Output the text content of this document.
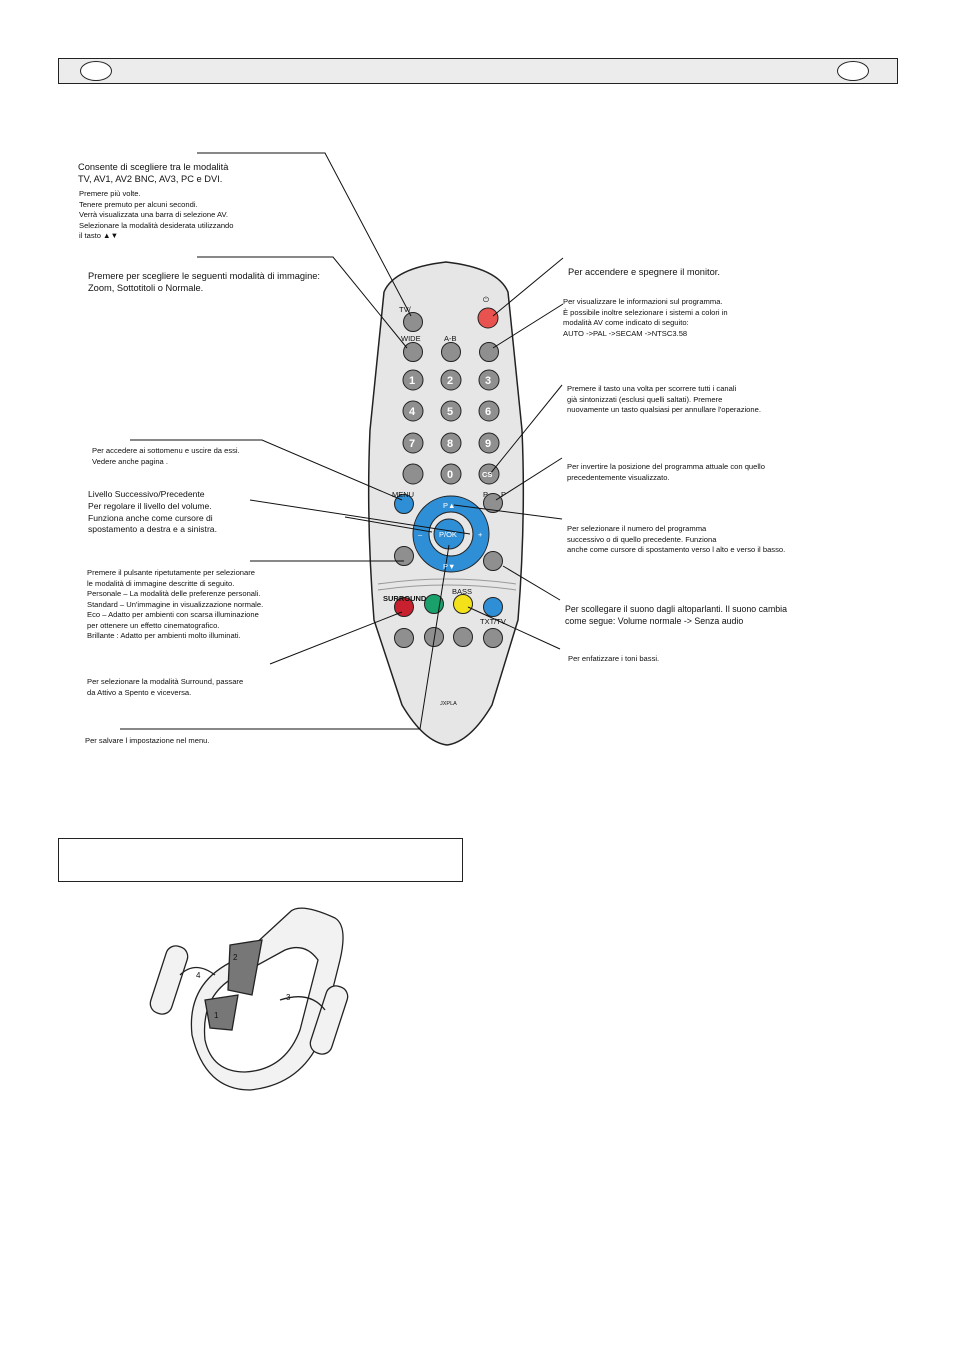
⏻
1	2	3
4	5	6
7	8	9
0
TV/
WIDE	A-B
MENU	P P
P▲
P▼
P/OK
–	+
CS
SURROUND
BASS
TXT/TV
JXPLA
1
2
3
4
Consente di scegliere tra le modalità
TV, AV1, AV2 BNC, AV3, PC e DVI.
Premere più volte.
Tenere premuto per alcuni secondi.
Verrà visualizzata una barra di selezione AV.
Selezionare la modalità desiderata utilizzando
il tasto ▲▼
Premere per scegliere le seguenti modalità di immagine:
Zoom, Sottotitoli o Normale.
Per accendere e spegnere il monitor.
Per visualizzare le informazioni sul programma.
È possibile inoltre selezionare i sistemi a colori in
modalità AV come indicato di seguito:
AUTO ->PAL ->SECAM ->NTSC3.58
Premere il tasto una volta per scorrere tutti i canali
già sintonizzati (esclusi quelli saltati). Premere
nuovamente un tasto qualsiasi per annullare l'operazione.
Per accedere ai sottomenu e uscire da essi.
Vedere anche pagina .
Per invertire la posizione del programma attuale con quello
precedentemente visualizzato.
Livello Successivo/Precedente
Per regolare il livello del volume.
Funziona anche come cursore di
spostamento a destra e a sinistra.	Per selezionare il numero del programma
successivo o di quello precedente. Funziona
anche come cursore di spostamento verso l alto e verso il basso.
Premere il pulsante ripetutamente per selezionare
le modalità di immagine descritte di seguito.
Personale – La modalità delle preferenze personali.
Standard – Un'immagine in visualizzazione normale.
Eco – Adatto per ambienti con scarsa illuminazione
per ottenere un effetto cinematografico.
Brillante : Adatto per ambienti molto illuminati.
Per scollegare il suono dagli altoparlanti. Il suono cambia
come segue: Volume normale -> Senza audio
Per enfatizzare i toni bassi.
Per selezionare la modalità Surround, passare
da Attivo a Spento e viceversa.
Per salvare l impostazione nel menu.
